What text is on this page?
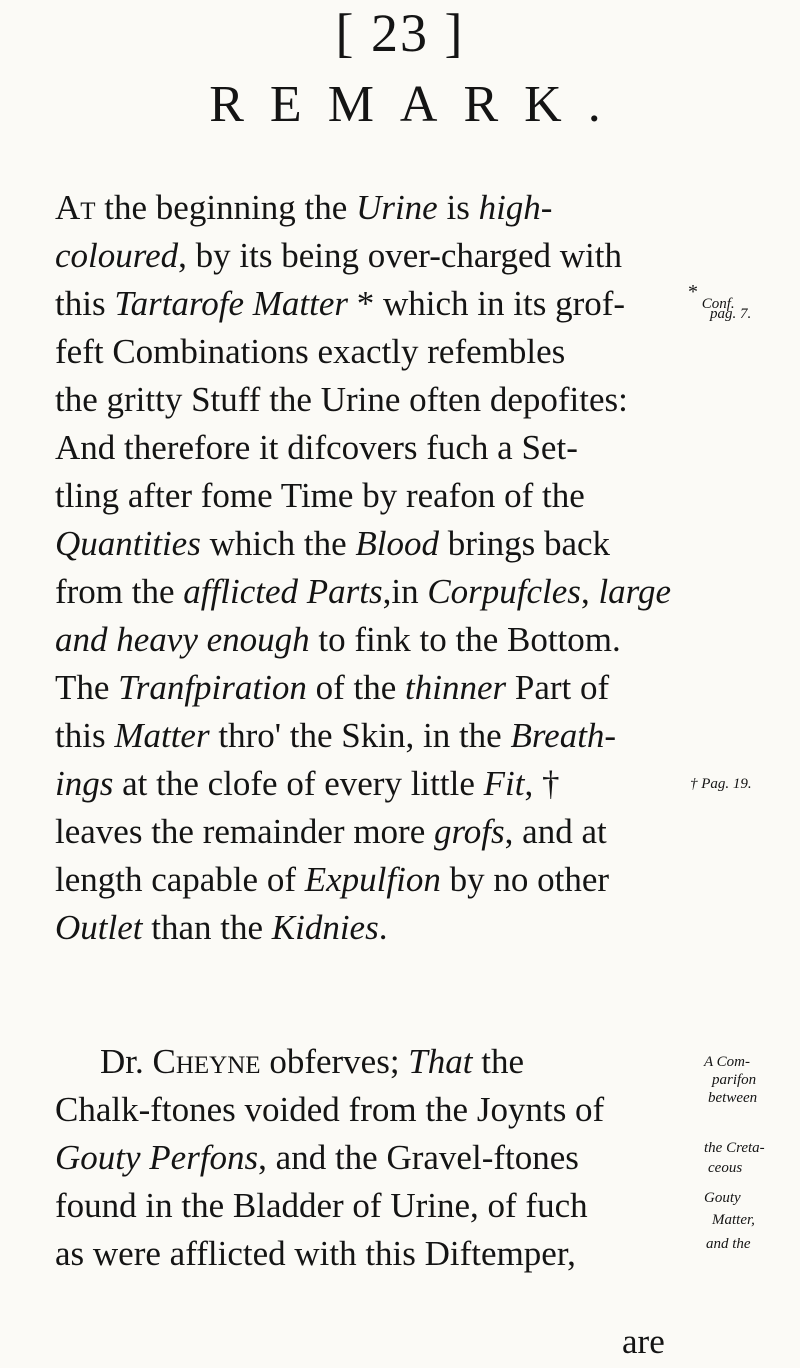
[ 23 ]
REMARK.
At the beginning the Urine is high-
coloured, by its being over-charged with
this Tartarofe Matter * which in its grof-
feft Combinations exactly refembles
the gritty Stuff the Urine often depofites:
And therefore it difcovers fuch a Set-
tling after fome Time by reafon of the
Quantities which the Blood brings back
from the afflicted Parts,in Corpufcles, large
and heavy enough to fink to the Bottom.
The Tranfpiration of the thinner Part of
this Matter thro' the Skin, in the Breath-
ings at the clofe of every little Fit, †
leaves the remainder more grofs, and at
length capable of Expulfion by no other
Outlet than the Kidnies.
Dr. Cheyne obferves; That the
Chalk-ftones voided from the Joynts of
Gouty Perfons, and the Gravel-ftones
found in the Bladder of Urine, of fuch
as were afflicted with this Diftemper,
are
* Conf.
pag. 7.
† Pag. 19.
A Com-
parifon
between
the Creta-
ceous
Gouty
Matter,
and the
